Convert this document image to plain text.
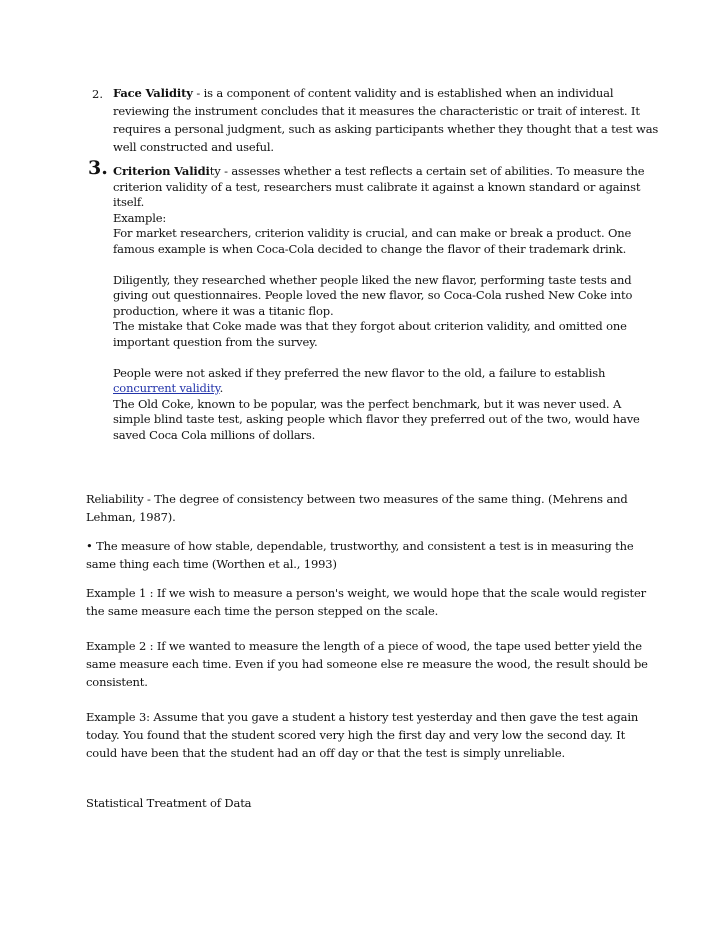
2. Face Validity - is a component of content validity and is established when an individual
reviewing the instrument concludes that it measures the characteristic or trait of interest. It
requires a personal judgment, such as asking participants whether they thought that a test was
well constructed and useful.
3. Criterion Validity - assesses whether a test reflects a certain set of abilities. To measure the
criterion validity of a test, researchers must calibrate it against a known standard or against
itself.
Example:
For market researchers, criterion validity is crucial, and can make or break a product. One
famous example is when Coca-Cola decided to change the flavor of their trademark drink.
Diligently, they researched whether people liked the new flavor, performing taste tests and
giving out questionnaires. People loved the new flavor, so Coca-Cola rushed New Coke into
production, where it was a titanic flop.
The mistake that Coke made was that they forgot about criterion validity, and omitted one
important question from the survey.
People were not asked if they preferred the new flavor to the old, a failure to establish
concurrent validity.
The Old Coke, known to be popular, was the perfect benchmark, but it was never used. A
simple blind taste test, asking people which flavor they preferred out of the two, would have
saved Coca Cola millions of dollars.
Reliability - The degree of consistency between two measures of the same thing. (Mehrens and
Lehman, 1987).
• The measure of how stable, dependable, trustworthy, and consistent a test is in measuring the
same thing each time (Worthen et al., 1993)
Example 1 : If we wish to measure a person's weight, we would hope that the scale would register
the same measure each time the person stepped on the scale.
Example 2 : If we wanted to measure the length of a piece of wood, the tape used better yield the
same measure each time. Even if you had someone else re measure the wood, the result should be
consistent.
Example 3: Assume that you gave a student a history test yesterday and then gave the test again
today. You found that the student scored very high the first day and very low the second day. It
could have been that the student had an off day or that the test is simply unreliable.
Statistical Treatment of Data
